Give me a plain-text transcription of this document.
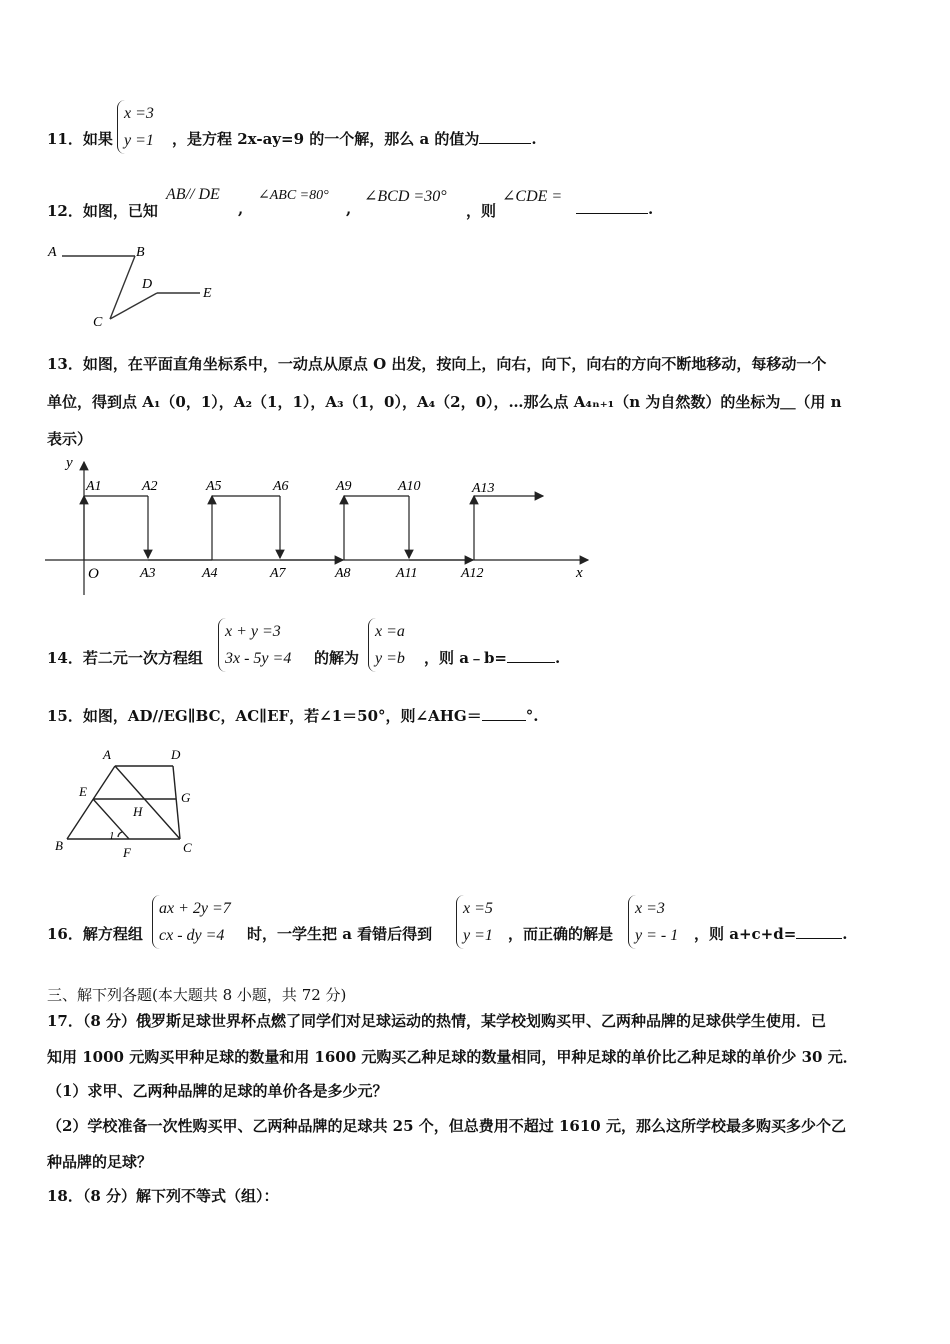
11．如果
x =3
y =1 ，是方程 2x-ay=9 的一个解，那么 a 的值为	.
12．如图，已知
AB// DE
,
∠ABC =80°
,
∠BCD =30°
，则
∠CDE =
.
A	B
D
E
C
13．如图，在平面直角坐标系中，一动点从原点 O 出发，按向上，向右，向下，向右的方向不断地移动，每移动一个
单位，得到点 A₁（0，1），A₂（1，1），A₃（1，0），A₄（2，0），…那么点 A₄ₙ₊₁（n 为自然数）的坐标为＿（用 n
表示）
y
x
O
A1	A2	A5	A6	A9	A10	A13
A3	A4	A7	A8	A11	A12
14．若二元一次方程组
x + y =3
3x - 5y =4 的解为
x =a
y =b ，则 a﹣b=	.
15．如图，AD//EG∥BC，AC∥EF，若∠1＝50°，则∠AHG＝	°.
A	D
E	G
H
1
B	F	C
16．解方程组
ax + 2y =7
cx - dy =4	时，一学生把 a 看错后得到
x =5
y =1 ，而正确的解是
x =3
y = - 1 ，则 a+c+d=	.
三、解下列各题(本大题共 8 小题，共 72 分)
17．（8 分）俄罗斯足球世界杯点燃了同学们对足球运动的热情，某学校划购买甲、乙两种品牌的足球供学生使用．已
知用 1000 元购买甲种足球的数量和用 1600 元购买乙种足球的数量相同，甲种足球的单价比乙种足球的单价少 30 元．
（1）求甲、乙两种品牌的足球的单价各是多少元？
（2）学校准备一次性购买甲、乙两种品牌的足球共 25 个，但总费用不超过 1610 元，那么这所学校最多购买多少个乙
种品牌的足球？
18．（8 分）解下列不等式（组）：
